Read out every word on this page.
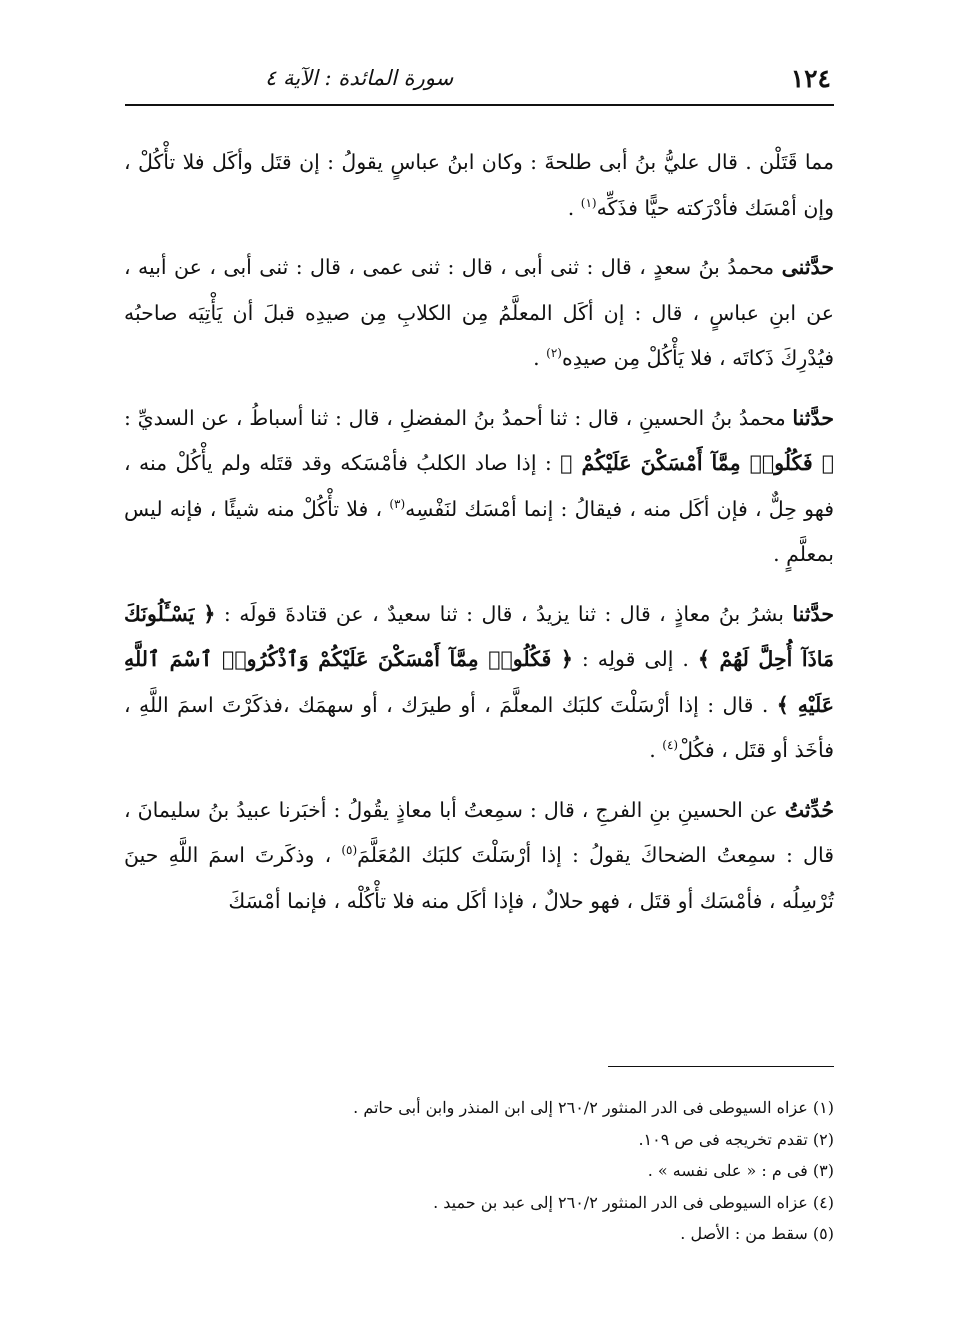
١٢٤
سورة المائدة : الآية ٤

مما قَتَلْن . قال عليُّ بنُ أبى طلحةَ : وكان ابنُ عباسٍ يقولُ : إن قتَل وأكَل فلا تأْكُلْ ، وإن أمْسَك فأدْرَكته حيًّا فذَكِّه$^{(١)}$ .

حدَّثنى محمدُ بنُ سعدٍ ، قال : ثنى أبى ، قال : ثنى عمى ، قال : ثنى أبى ، عن أبيه ، عن ابنِ عباسٍ ، قال : إن أكَل المعلَّمُ مِن الكلابِ مِن صيدِه قبلَ أن يَأْتِيَه صاحبُه فيُدْرِكَ ذَكاتَه ، فلا يَأْكُلْ مِن صيدِه$^{(٢)}$ .

حدَّثنا محمدُ بنُ الحسينِ ، قال : ثنا أحمدُ بنُ المفضلِ ، قال : ثنا أسباطُ ، عن السديِّ : ﴿ فَكُلُوا۟ مِمَّآ أَمْسَكْنَ عَلَيْكُمْ ﴾ : إذا صاد الكلبُ فأمْسَكه وقد قتَله ولم يأْكُلْ منه ، فهو حِلٌّ ، فإن أكَل منه ، فيقالُ : إنما أمْسَك لنَفْسِه$^{(٣)}$ ، فلا تأْكُلْ منه شيئًا ، فإنه ليس بمعلَّمٍ .

حدَّثنا بشرُ بنُ معاذٍ ، قال : ثنا يزيدُ ، قال : ثنا سعيدٌ ، عن قتادةَ قولَه : ﴿ يَسْـَٔلُونَكَ مَاذَآ أُحِلَّ لَهُمْ ﴾ . إلى قولِه : ﴿ فَكُلُوا۟ مِمَّآ أَمْسَكْنَ عَلَيْكُمْ وَٱذْكُرُوا۟ ٱسْمَ ٱللَّهِ عَلَيْهِ ﴾ . قال : إذا أرْسَلْتَ كلبَك المعلَّمَ ، أو طيرَك ، أو سهمَك ،فذكَرْتَ اسمَ اللَّهِ ، فأخَذ أو قتَل ، فكُلْ$^{(٤)}$ .

حُدِّثتُ عن الحسينِ بنِ الفرجِ ، قال : سمِعتُ أبا معاذٍ يقُولُ : أخبَرنا عبيدُ بنُ سليمانَ ، قال : سمِعتُ الضحاكَ يقولُ : إذا أرْسَلْتَ كلبَك المُعَلَّمَ$^{(٥)}$ ، وذكَرتَ اسمَ اللَّهِ حينَ تُرْسِلُه ، فأمْسَك أو قتَل ، فهو حلالٌ ، فإذا أكَل منه فلا تأْكُلْه ، فإنما أمْسَكَ

(١) عزاه السيوطى فى الدر المنثور ٢٦٠/٢ إلى ابن المنذر وابن أبى حاتم .
(٢) تقدم تخريجه فى ص ١٠٩.
(٣) فى م : « على نفسه » .
(٤) عزاه السيوطى فى الدر المنثور ٢٦٠/٢ إلى عبد بن حميد .
(٥) سقط من : الأصل .
